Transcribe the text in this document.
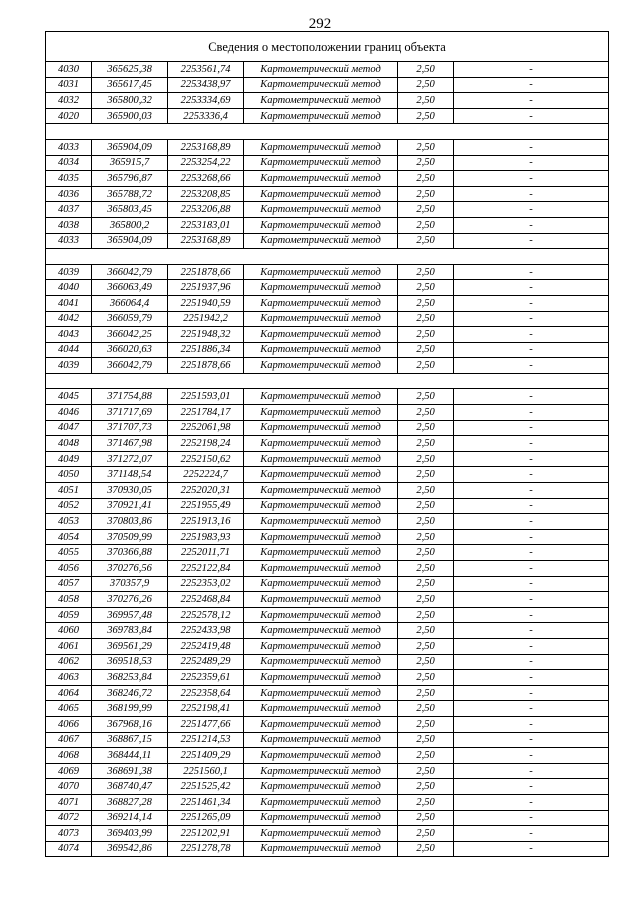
292
Сведения о местоположении границ объекта					
4030	365625,38	2253561,74	Картометрический метод	2,50	-
4031	365617,45	2253438,97	Картометрический метод	2,50	-
4032	365800,32	2253334,69	Картометрический метод	2,50	-
4020	365900,03	2253336,4	Картометрический метод	2,50	-

4033	365904,09	2253168,89	Картометрический метод	2,50	-
4034	365915,7	2253254,22	Картометрический метод	2,50	-
4035	365796,87	2253268,66	Картометрический метод	2,50	-
4036	365788,72	2253208,85	Картометрический метод	2,50	-
4037	365803,45	2253206,88	Картометрический метод	2,50	-
4038	365800,2	2253183,01	Картометрический метод	2,50	-
4033	365904,09	2253168,89	Картометрический метод	2,50	-

4039	366042,79	2251878,66	Картометрический метод	2,50	-
4040	366063,49	2251937,96	Картометрический метод	2,50	-
4041	366064,4	2251940,59	Картометрический метод	2,50	-
4042	366059,79	2251942,2	Картометрический метод	2,50	-
4043	366042,25	2251948,32	Картометрический метод	2,50	-
4044	366020,63	2251886,34	Картометрический метод	2,50	-
4039	366042,79	2251878,66	Картометрический метод	2,50	-

4045	371754,88	2251593,01	Картометрический метод	2,50	-
4046	371717,69	2251784,17	Картометрический метод	2,50	-
4047	371707,73	2252061,98	Картометрический метод	2,50	-
4048	371467,98	2252198,24	Картометрический метод	2,50	-
4049	371272,07	2252150,62	Картометрический метод	2,50	-
4050	371148,54	2252224,7	Картометрический метод	2,50	-
4051	370930,05	2252020,31	Картометрический метод	2,50	-
4052	370921,41	2251955,49	Картометрический метод	2,50	-
4053	370803,86	2251913,16	Картометрический метод	2,50	-
4054	370509,99	2251983,93	Картометрический метод	2,50	-
4055	370366,88	2252011,71	Картометрический метод	2,50	-
4056	370276,56	2252122,84	Картометрический метод	2,50	-
4057	370357,9	2252353,02	Картометрический метод	2,50	-
4058	370276,26	2252468,84	Картометрический метод	2,50	-
4059	369957,48	2252578,12	Картометрический метод	2,50	-
4060	369783,84	2252433,98	Картометрический метод	2,50	-
4061	369561,29	2252419,48	Картометрический метод	2,50	-
4062	369518,53	2252489,29	Картометрический метод	2,50	-
4063	368253,84	2252359,61	Картометрический метод	2,50	-
4064	368246,72	2252358,64	Картометрический метод	2,50	-
4065	368199,99	2252198,41	Картометрический метод	2,50	-
4066	367968,16	2251477,66	Картометрический метод	2,50	-
4067	368867,15	2251214,53	Картометрический метод	2,50	-
4068	368444,11	2251409,29	Картометрический метод	2,50	-
4069	368691,38	2251560,1	Картометрический метод	2,50	-
4070	368740,47	2251525,42	Картометрический метод	2,50	-
4071	368827,28	2251461,34	Картометрический метод	2,50	-
4072	369214,14	2251265,09	Картометрический метод	2,50	-
4073	369403,99	2251202,91	Картометрический метод	2,50	-
4074	369542,86	2251278,78	Картометрический метод	2,50	-
